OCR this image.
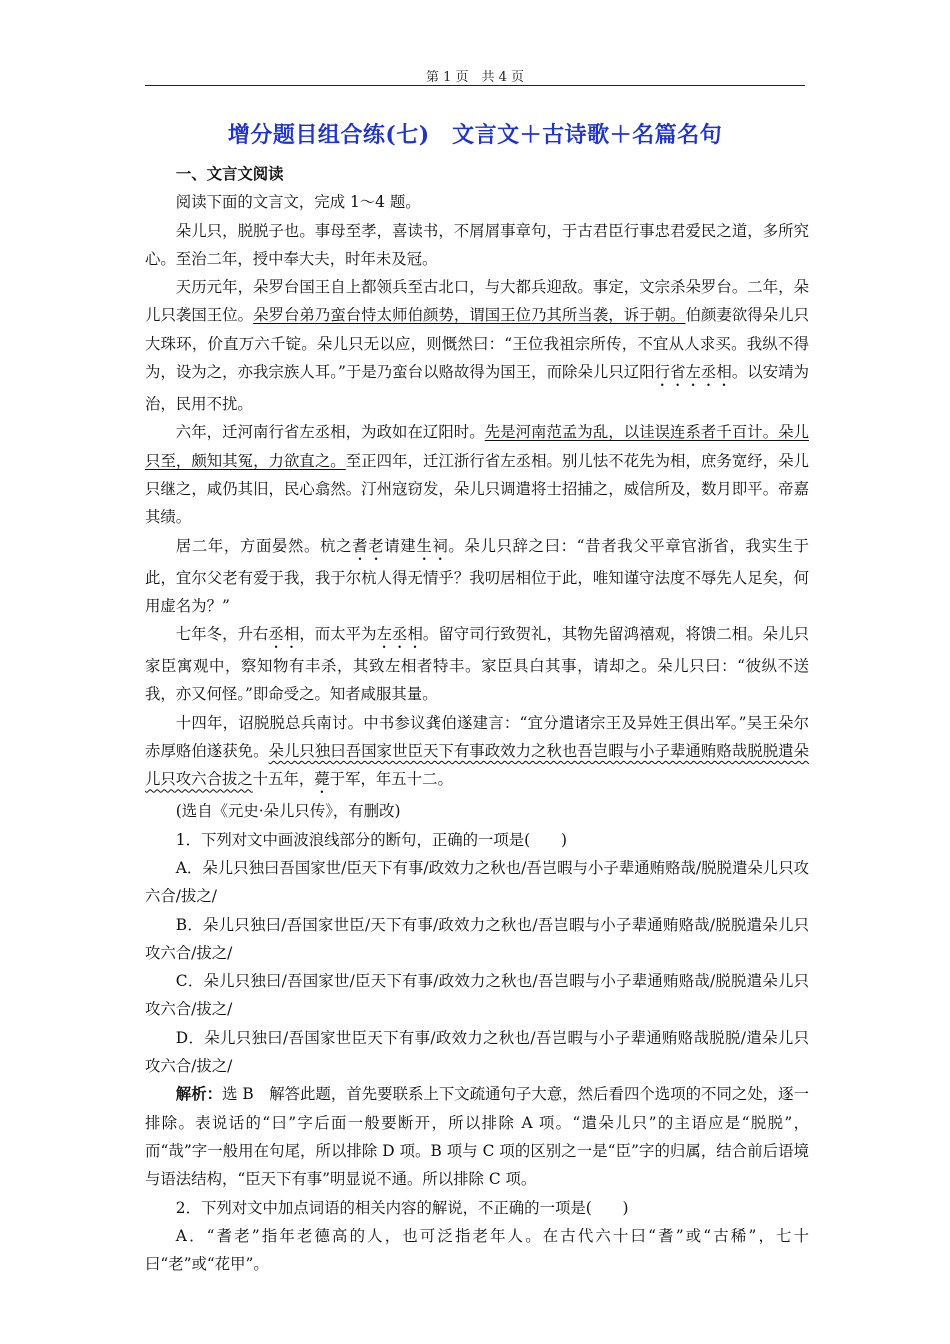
第 1 页　共 4 页
增分题目组合练(七)　文言文＋古诗歌＋名篇名句

一、文言文阅读

阅读下面的文言文，完成 1～4 题。

朵儿只，脱脱子也。事母至孝，喜读书，不屑屑事章句，于古君臣行事忠君爱民之道，多所究心。至治二年，授中奉大夫，时年未及冠。

天历元年，朵罗台国王自上都领兵至古北口，与大都兵迎敌。事定，文宗杀朵罗台。二年，朵儿只袭国王位。朵罗台弟乃蛮台恃太师伯颜势，谓国王位乃其所当袭，诉于朝。伯颜妻欲得朵儿只大珠环，价直万六千锭。朵儿只无以应，则慨然曰：“王位我祖宗所传，不宜从人求买。我纵不得为，设为之，亦我宗族人耳。”于是乃蛮台以赂故得为国王，而除朵儿只辽阳行省左丞相。以安靖为治，民用不扰。

六年，迁河南行省左丞相，为政如在辽阳时。先是河南范孟为乱，以诖误连系者千百计。朵儿只至，颇知其冤，力欲直之。至正四年，迁江浙行省左丞相。别儿怯不花先为相，庶务宽纾，朵儿只继之，咸仍其旧，民心翕然。汀州寇窃发，朵儿只调遣将士招捕之，威信所及，数月即平。帝嘉其绩。

居二年，方面晏然。杭之耆老请建生祠。朵儿只辞之曰：“昔者我父平章官浙省，我实生于此，宜尔父老有爱于我，我于尔杭人得无情乎？我叨居相位于此，唯知谨守法度不辱先人足矣，何用虚名为？”

七年冬，升右丞相，而太平为左丞相。留守司行致贺礼，其物先留鸿禧观，将馈二相。朵儿只家臣寓观中，察知物有丰杀，其致左相者特丰。家臣具白其事，请却之。朵儿只曰：“彼纵不送我，亦又何怪。”即命受之。知者咸服其量。

十四年，诏脱脱总兵南讨。中书参议龚伯遂建言：“宜分遣诸宗王及异姓王俱出军。”吴王朵尔赤厚赂伯遂获免。朵儿只独曰吾国家世臣天下有事政效力之秋也吾岂暇与小子辈通贿赂哉脱脱遣朵儿只攻六合拔之十五年，薨于军，年五十二。

(选自《元史·朵儿只传》，有删改)

1．下列对文中画波浪线部分的断句，正确的一项是(　　)

A．朵儿只独曰吾国家世/臣天下有事/政效力之秋也/吾岂暇与小子辈通贿赂哉/脱脱遣朵儿只攻六合/拔之/

B．朵儿只独曰/吾国家世臣/天下有事/政效力之秋也/吾岂暇与小子辈通贿赂哉/脱脱遣朵儿只攻六合/拔之/

C．朵儿只独曰/吾国家世/臣天下有事/政效力之秋也/吾岂暇与小子辈通贿赂哉/脱脱遣朵儿只攻六合/拔之/

D．朵儿只独曰/吾国家世臣天下有事/政效力之秋也/吾岂暇与小子辈通贿赂哉脱脱/遣朵儿只攻六合/拔之/

解析：选 B　解答此题，首先要联系上下文疏通句子大意，然后看四个选项的不同之处，逐一排除。表说话的“曰”字后面一般要断开，所以排除 A 项。“遣朵儿只”的主语应是“脱脱”，而“哉”字一般用在句尾，所以排除 D 项。B 项与 C 项的区别之一是“臣”字的归属，结合前后语境与语法结构，“臣天下有事”明显说不通。所以排除 C 项。

2．下列对文中加点词语的相关内容的解说，不正确的一项是(　　)

A．“耆老”指年老德高的人，也可泛指老年人。在古代六十曰“耆”或“古稀”，七十曰“老”或“花甲”。
